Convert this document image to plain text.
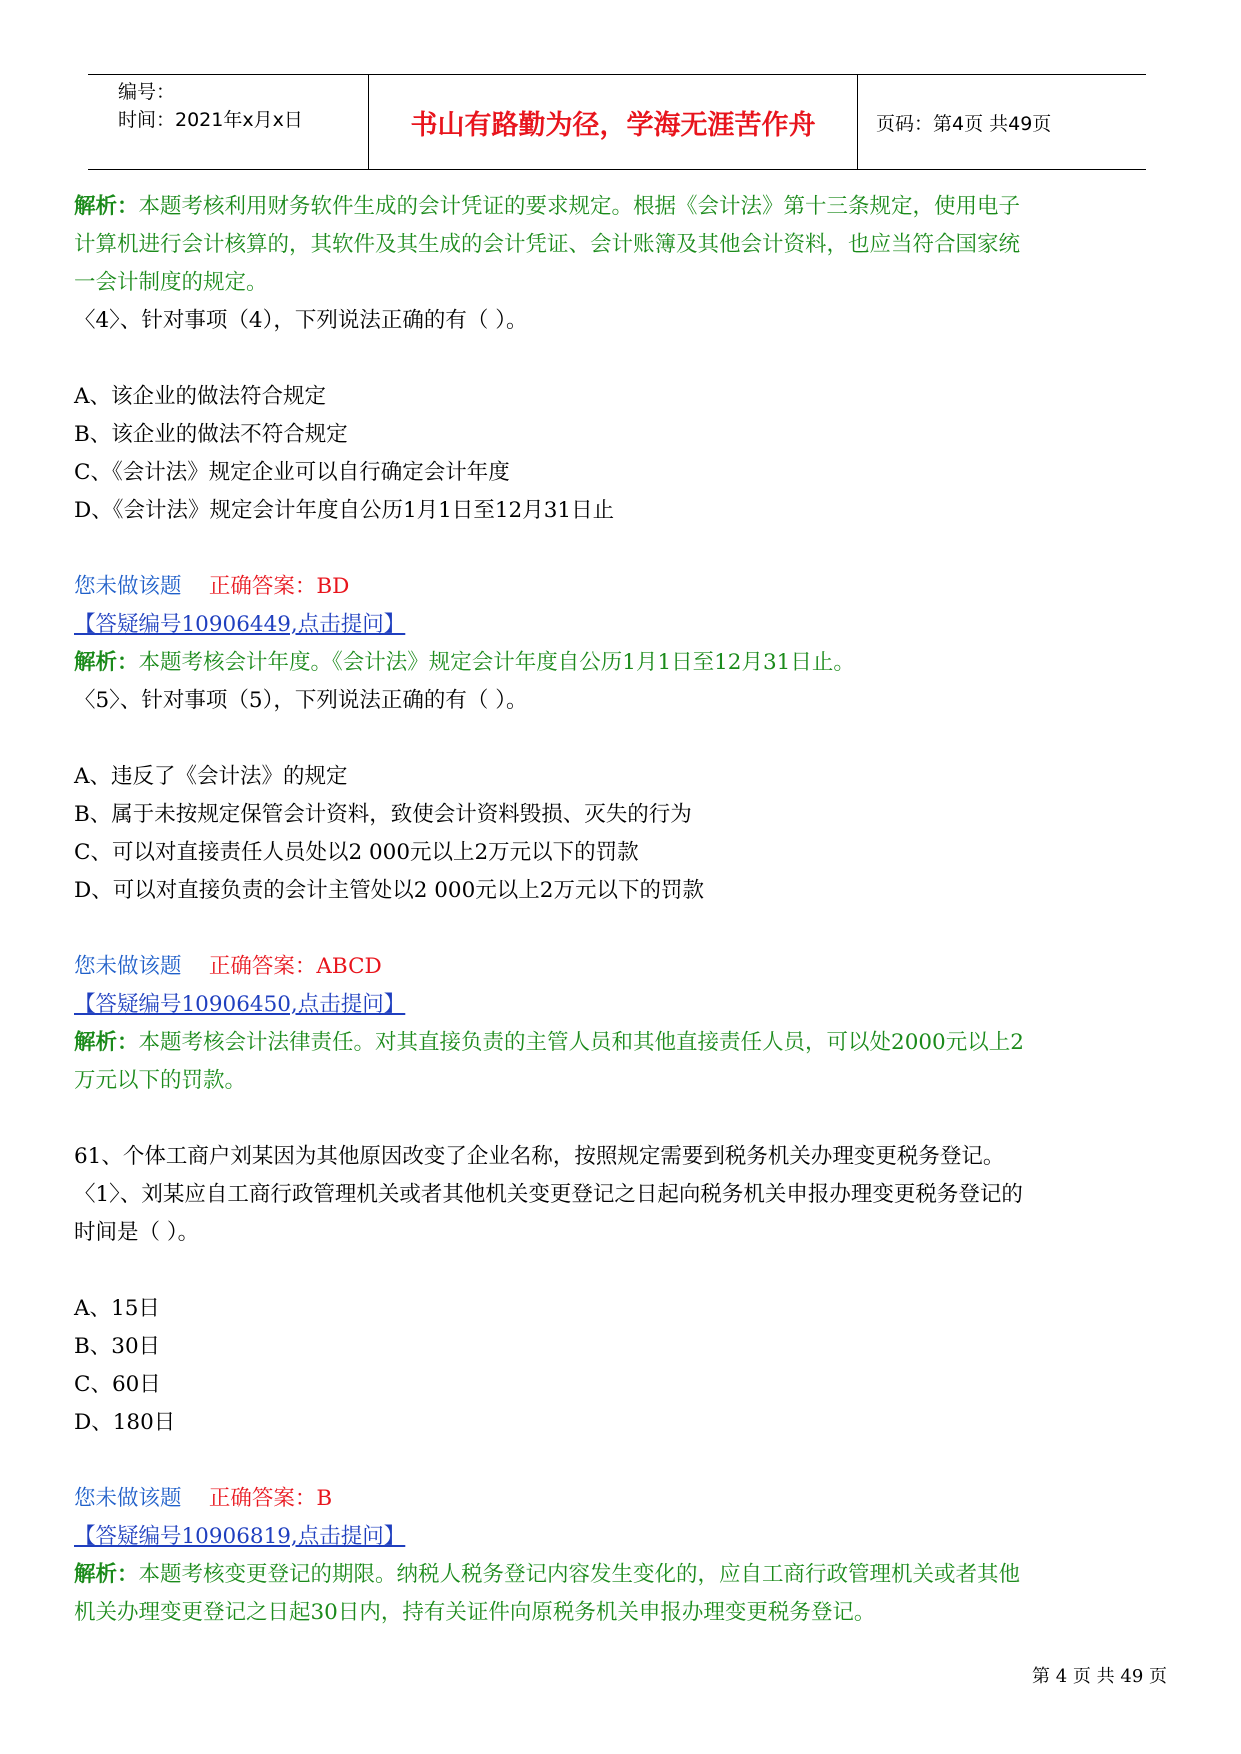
编号：
时间：2021年x月x日	书山有路勤为径，学海无涯苦作舟	页码：第4页 共49页
解析：本题考核利用财务软件生成的会计凭证的要求规定。根据《会计法》第十三条规定，使用电子
计算机进行会计核算的，其软件及其生成的会计凭证、会计账簿及其他会计资料，也应当符合国家统
一会计制度的规定。
〈4〉、针对事项（4），下列说法正确的有（ ）。
A、该企业的做法符合规定
B、该企业的做法不符合规定
C、《会计法》规定企业可以自行确定会计年度
D、《会计法》规定会计年度自公历1月1日至12月31日止
您未做该题 正确答案：BD
【答疑编号10906449,点击提问】
解析：本题考核会计年度。《会计法》规定会计年度自公历1月1日至12月31日止。
〈5〉、针对事项（5），下列说法正确的有（ ）。
A、违反了《会计法》的规定
B、属于未按规定保管会计资料，致使会计资料毁损、灭失的行为
C、可以对直接责任人员处以2 000元以上2万元以下的罚款
D、可以对直接负责的会计主管处以2 000元以上2万元以下的罚款
您未做该题 正确答案：ABCD
【答疑编号10906450,点击提问】
解析：本题考核会计法律责任。对其直接负责的主管人员和其他直接责任人员，可以处2000元以上2
万元以下的罚款。
61、个体工商户刘某因为其他原因改变了企业名称，按照规定需要到税务机关办理变更税务登记。
〈1〉、刘某应自工商行政管理机关或者其他机关变更登记之日起向税务机关申报办理变更税务登记的
时间是（ ）。
A、15日
B、30日
C、60日
D、180日
您未做该题 正确答案：B
【答疑编号10906819,点击提问】
解析：本题考核变更登记的期限。纳税人税务登记内容发生变化的，应自工商行政管理机关或者其他
机关办理变更登记之日起30日内，持有关证件向原税务机关申报办理变更税务登记。
第 4 页 共 49 页
